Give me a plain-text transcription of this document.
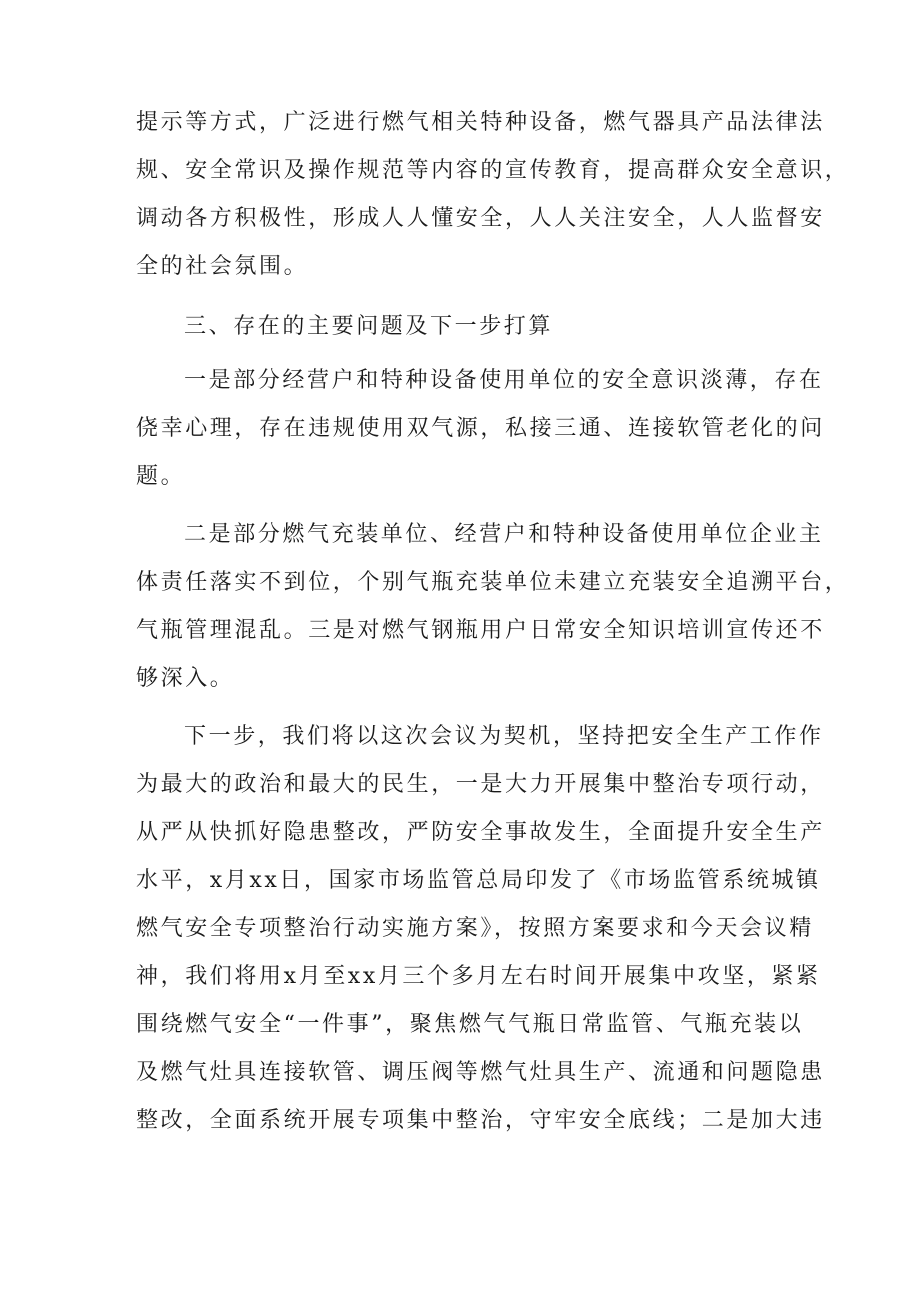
提示等方式，广泛进行燃气相关特种设备，燃气器具产品法律法
规、安全常识及操作规范等内容的宣传教育，提高群众安全意识，
调动各方积极性，形成人人懂安全，人人关注安全，人人监督安
全的社会氛围。
三、存在的主要问题及下一步打算
一是部分经营户和特种设备使用单位的安全意识淡薄，存在
侥幸心理，存在违规使用双气源，私接三通、连接软管老化的问
题。
二是部分燃气充装单位、经营户和特种设备使用单位企业主
体责任落实不到位，个别气瓶充装单位未建立充装安全追溯平台，
气瓶管理混乱。三是对燃气钢瓶用户日常安全知识培训宣传还不
够深入。
下一步，我们将以这次会议为契机，坚持把安全生产工作作
为最大的政治和最大的民生，一是大力开展集中整治专项行动，
从严从快抓好隐患整改，严防安全事故发生，全面提升安全生产
水平，x月xx日，国家市场监管总局印发了《市场监管系统城镇
燃气安全专项整治行动实施方案》，按照方案要求和今天会议精
神，我们将用x月至xx月三个多月左右时间开展集中攻坚，紧紧
围绕燃气安全“一件事”，聚焦燃气气瓶日常监管、气瓶充装以
及燃气灶具连接软管、调压阀等燃气灶具生产、流通和问题隐患
整改，全面系统开展专项集中整治，守牢安全底线；二是加大违
